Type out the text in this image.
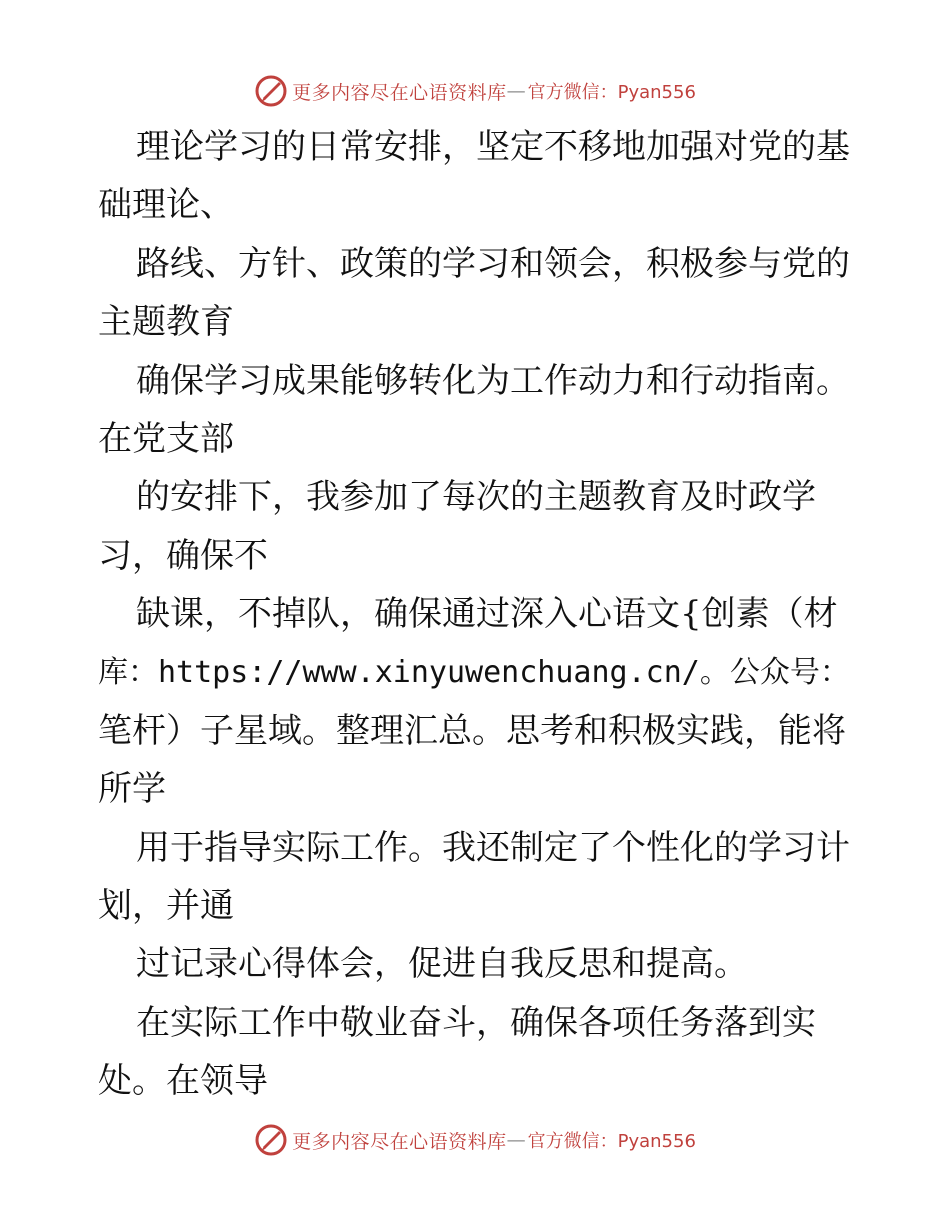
更多内容尽在心语资料库 — 官方微信：Pyan556
理论学习的日常安排，坚定不移地加强对党的基
础理论、
路线、方针、政策的学习和领会，积极参与党的
主题教育
确保学习成果能够转化为工作动力和行动指南。
在党支部
的安排下，我参加了每次的主题教育及时政学
习，确保不
缺课，不掉队，确保通过深入心语文{创素（材
库：https://www.xinyuwenchuang.cn/。公众号：
笔杆）子星域。整理汇总。思考和积极实践，能将
所学
用于指导实际工作。我还制定了个性化的学习计
划，并通
过记录心得体会，促进自我反思和提高。
在实际工作中敬业奋斗，确保各项任务落到实
处。在领导
更多内容尽在心语资料库 — 官方微信：Pyan556
